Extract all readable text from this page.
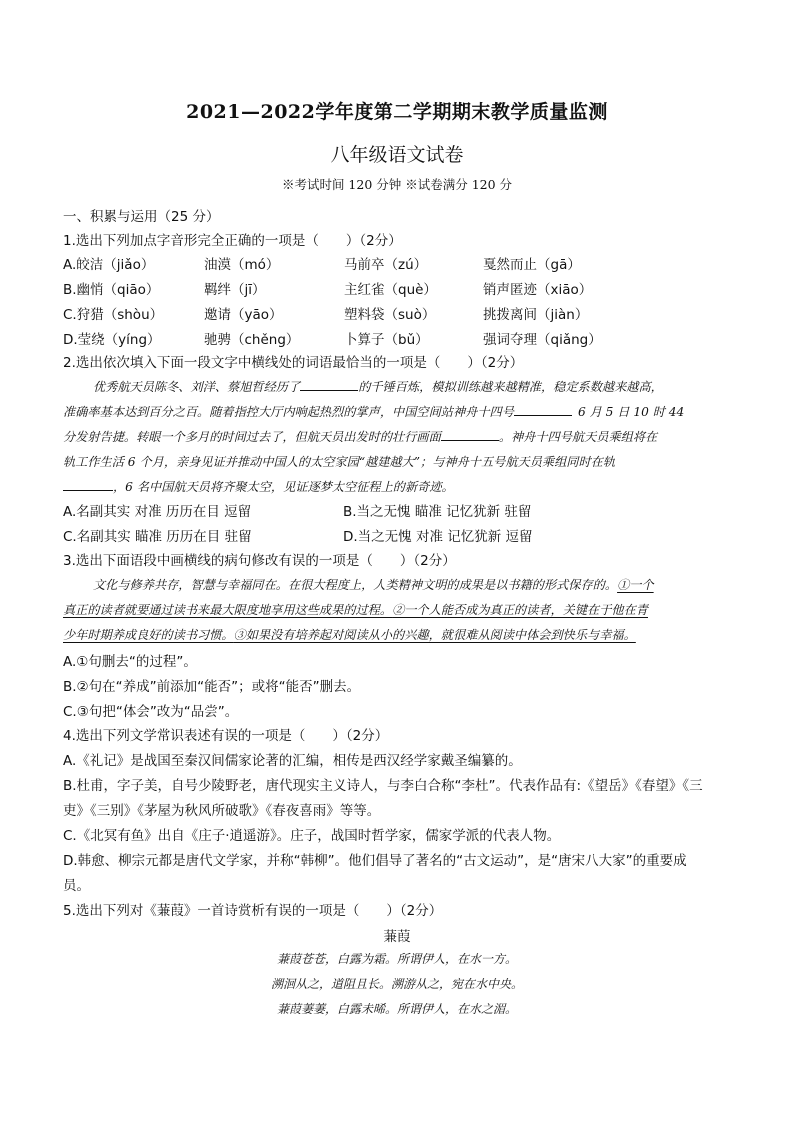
2021—2022学年度第二学期期末教学质量监测
八年级语文试卷
※考试时间 120 分钟 ※试卷满分 120 分
一、积累与运用（25 分）
1.选出下列加点字音形完全正确的一项是（　　）（2分）
A.皎洁（jiǎo）	油漠（mó）	马前卒（zú）	戛然而止（gā）
B.幽悄（qiāo）	羁绊（jī）	主红雀（què）	销声匿迹（xiāo）
C.狩猎（shòu）	邀请（yāo）	塑料袋（suò）	挑拨离间（jiàn）
D.莹绕（yíng）	驰骋（chěng）	卜算子（bǔ）	强词夺理（qiǎng）
2.选出依次填入下面一段文字中横线处的词语最恰当的一项是（　　）（2分）
优秀航天员陈冬、刘洋、蔡旭哲经历了	的千锤百炼，模拟训练越来越精准，稳定系数越来越高，
准确率基本达到百分之百。随着指控大厅内响起热烈的掌声，中国空间站神舟十四号	6 月 5 日 10 时 44
分发射告捷。转眼一个多月的时间过去了，但航天员出发时的壮行画面	。神舟十四号航天员乘组将在
轨工作生活 6 个月，亲身见证并推动中国人的太空家园“越建越大”；与神舟十五号航天员乘组同时在轨
，6 名中国航天员将齐聚太空，见证逐梦太空征程上的新奇迹。
A.名副其实 对准 历历在目 逗留	B.当之无愧 瞄准 记忆犹新 驻留
C.名副其实 瞄准 历历在目 驻留	D.当之无愧 对准 记忆犹新 逗留
3.选出下面语段中画横线的病句修改有误的一项是（　　）（2分）
文化与修养共存，智慧与幸福同在。在很大程度上，人类精神文明的成果是以书籍的形式保存的。①一个
真正的读者就要通过读书来最大限度地享用这些成果的过程。②一个人能否成为真正的读者，关键在于他在青
少年时期养成良好的读书习惯。③如果没有培养起对阅读从小的兴趣，就很难从阅读中体会到快乐与幸福。
A.①句删去“的过程”。
B.②句在“养成”前添加“能否”；或将“能否”删去。
C.③句把“体会”改为“品尝”。
4.选出下列文学常识表述有误的一项是（　　）（2分）
A.《礼记》是战国至秦汉间儒家论著的汇编，相传是西汉经学家戴圣编纂的。
B.杜甫，字子美，自号少陵野老，唐代现实主义诗人，与李白合称“李杜”。代表作品有:《望岳》《春望》《三
吏》《三别》《茅屋为秋风所破歌》《春夜喜雨》等等。
C.《北冥有鱼》出自《庄子·逍遥游》。庄子，战国时哲学家，儒家学派的代表人物。
D.韩愈、柳宗元都是唐代文学家，并称“韩柳”。他们倡导了著名的“古文运动”，是“唐宋八大家”的重要成
员。
5.选出下列对《蒹葭》一首诗赏析有误的一项是（　　）（2分）
蒹葭
蒹葭苍苍，白露为霜。所谓伊人，在水一方。
溯洄从之，道阻且长。溯游从之，宛在水中央。
蒹葭萋萋，白露未晞。所谓伊人，在水之湄。
